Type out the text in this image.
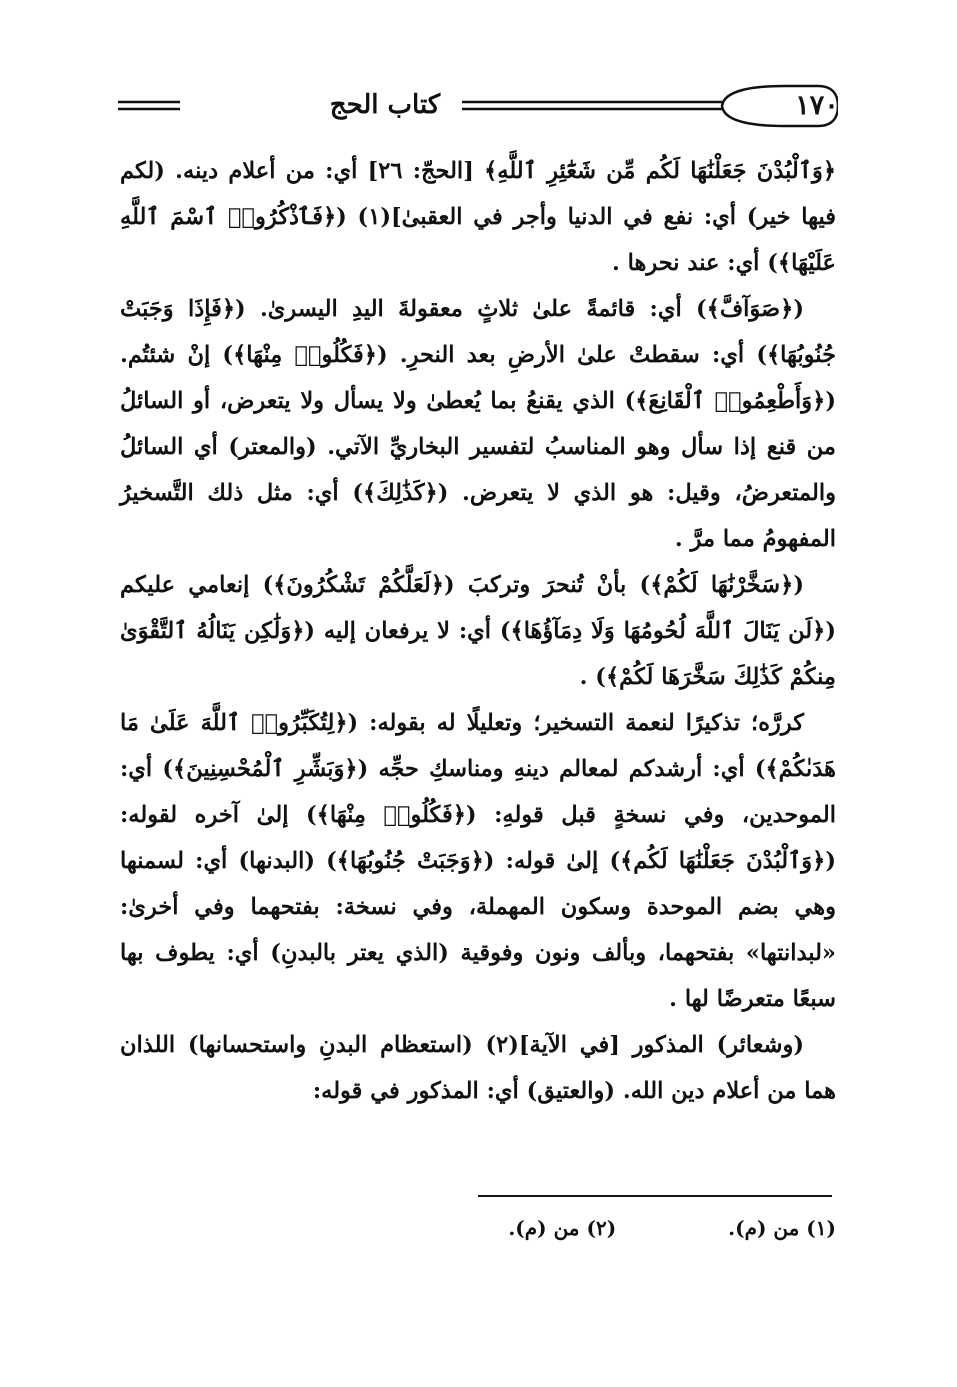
١٧٠
كتاب الحج

﴿وَٱلْبُدْنَ جَعَلْنَٰهَا لَكُم مِّن شَعَٰٓئِرِ ٱللَّهِ﴾ [الحجّ: ٢٦] أي: من أعلام دينه. (لكم فيها خير) أي: نفع في الدنيا وأجر في العقبىٰ](١) (﴿فَٱذْكُرُوا۟ ٱسْمَ ٱللَّهِ عَلَيْهَا﴾) أي: عند نحرها .

(﴿صَوَآفَّ﴾) أي: قائمةً علىٰ ثلاثٍ معقولةَ اليدِ اليسرىٰ. (﴿فَإِذَا وَجَبَتْ جُنُوبُهَا﴾) أي: سقطتْ علىٰ الأرضِ بعد النحرِ. (﴿فَكُلُوا۟ مِنْهَا﴾) إنْ شئتُم. (﴿وَأَطْعِمُوا۟ ٱلْقَانِعَ﴾) الذي يقنعُ بما يُعطىٰ ولا يسأل ولا يتعرض، أو السائلُ من قنع إذا سأل وهو المناسبُ لتفسير البخاريِّ الآتي. (والمعتر) أي السائلُ والمتعرضُ، وقيل: هو الذي لا يتعرض. (﴿كَذَٰلِكَ﴾) أي: مثل ذلك التَّسخيرُ المفهومُ مما مرَّ .

(﴿سَخَّرْنَٰهَا لَكُمْ﴾) بأنْ تُنحرَ وتركبَ (﴿لَعَلَّكُمْ تَشْكُرُونَ﴾) إنعامي عليكم (﴿لَن يَنَالَ ٱللَّهَ لُحُومُهَا وَلَا دِمَآؤُهَا﴾) أي: لا يرفعان إليه (﴿وَلَٰكِن يَنَالُهُ ٱلتَّقْوَىٰ مِنكُمْ كَذَٰلِكَ سَخَّرَهَا لَكُمْ﴾) .

كررَّه؛ تذكيرًا لنعمة التسخير؛ وتعليلًا له بقوله: (﴿لِتُكَبِّرُوا۟ ٱللَّهَ عَلَىٰ مَا هَدَىٰكُمْ﴾) أي: أرشدكم لمعالم دينهِ ومناسكِ حجِّه (﴿وَبَشِّرِ ٱلْمُحْسِنِينَ﴾) أي: الموحدين، وفي نسخةٍ قبل قولهِ: (﴿فَكُلُوا۟ مِنْهَا﴾) إلىٰ آخره لقوله: (﴿وَٱلْبُدْنَ جَعَلْنَٰهَا لَكُم﴾) إلىٰ قوله: (﴿وَجَبَتْ جُنُوبُهَا﴾) (البدنها) أي: لسمنها وهي بضم الموحدة وسكون المهملة، وفي نسخة: بفتحهما وفي أخرىٰ: «لبدانتها» بفتحهما، وبألف ونون وفوقية (الذي يعتر بالبدنِ) أي: يطوف بها سبعًا متعرضًا لها .

(وشعائر) المذكور [في الآية](٢) (استعظام البدنِ واستحسانها) اللذان هما من أعلام دين الله. (والعتيق) أي: المذكور في قوله:

(١) من (م).
(٢) من (م).
